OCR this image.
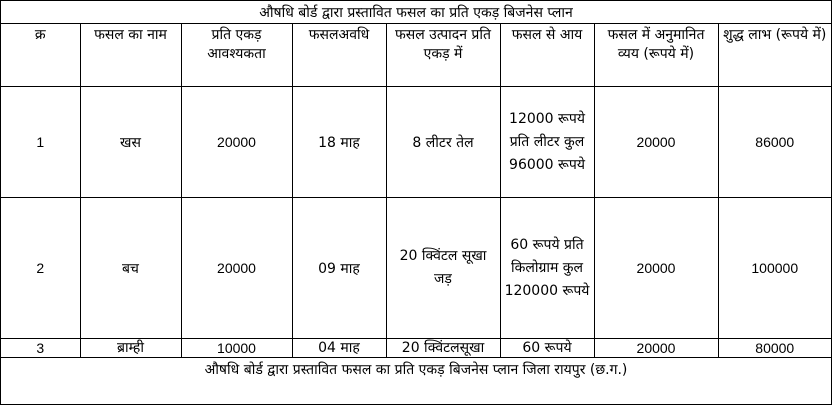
औषधि बोर्ड द्वारा प्रस्तावित फसल का प्रति एकड़ बिजनेस प्लान							
क्र	फसल का नाम	प्रति एकड़ आवश्यकता	फसलअवधि	फसल उत्पादन प्रति एकड़ में	फसल से आय	फसल में अनुमानित व्यय (रूपये में)	शुद्ध लाभ (रूपये में)
1	खस	20000	18 माह	8 लीटर तेल	12000 रूपये प्रति लीटर कुल 96000 रूपये	20000	86000
2	बच	20000	09 माह	20 क्विंटल सूखा जड़	60 रूपये प्रति किलोग्राम कुल 120000 रूपये	20000	100000
3	ब्राम्ही	10000	04 माह	20 क्विंटलसूखा	60 रूपये	20000	80000
औषधि बोर्ड द्वारा प्रस्तावित फसल का प्रति एकड़ बिजनेस प्लान जिला रायपुर (छ.ग.)							
